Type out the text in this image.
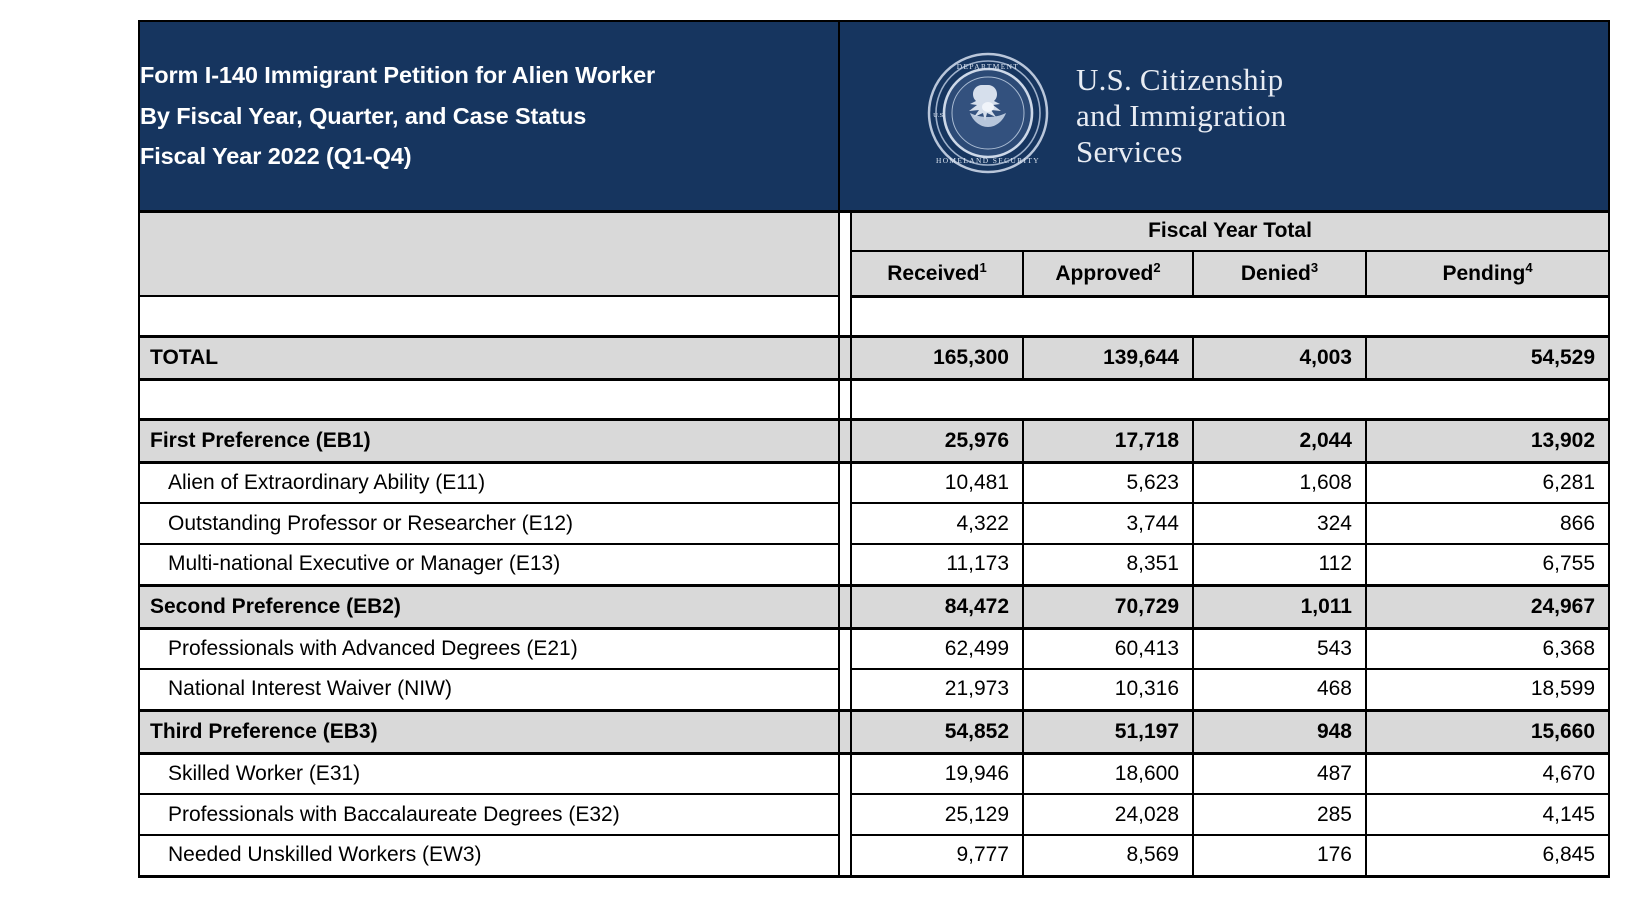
Form I-140 Immigrant Petition for Alien Worker
By Fiscal Year, Quarter, and Case Status
Fiscal Year 2022 (Q1-Q4)

DEPARTMENT
HOMELAND SECURITY
U.S.
U.S. Citizenship
and Immigration
Services

		Fiscal Year Total			
		Received$^1$	Approved$^2$	Denied$^3$	Pending$^4$

TOTAL		165,300	139,644	4,003	54,529

First Preference (EB1)		25,976	17,718	2,044	13,902
Alien of Extraordinary Ability (E11)		10,481	5,623	1,608	6,281
Outstanding Professor or Researcher (E12)		4,322	3,744	324	866
Multi-national Executive or Manager (E13)		11,173	8,351	112	6,755
Second Preference (EB2)		84,472	70,729	1,011	24,967
Professionals with Advanced Degrees (E21)		62,499	60,413	543	6,368
National Interest Waiver (NIW)		21,973	10,316	468	18,599
Third Preference (EB3)		54,852	51,197	948	15,660
Skilled Worker (E31)		19,946	18,600	487	4,670
Professionals with Baccalaureate Degrees (E32)		25,129	24,028	285	4,145
Needed Unskilled Workers (EW3)		9,777	8,569	176	6,845
